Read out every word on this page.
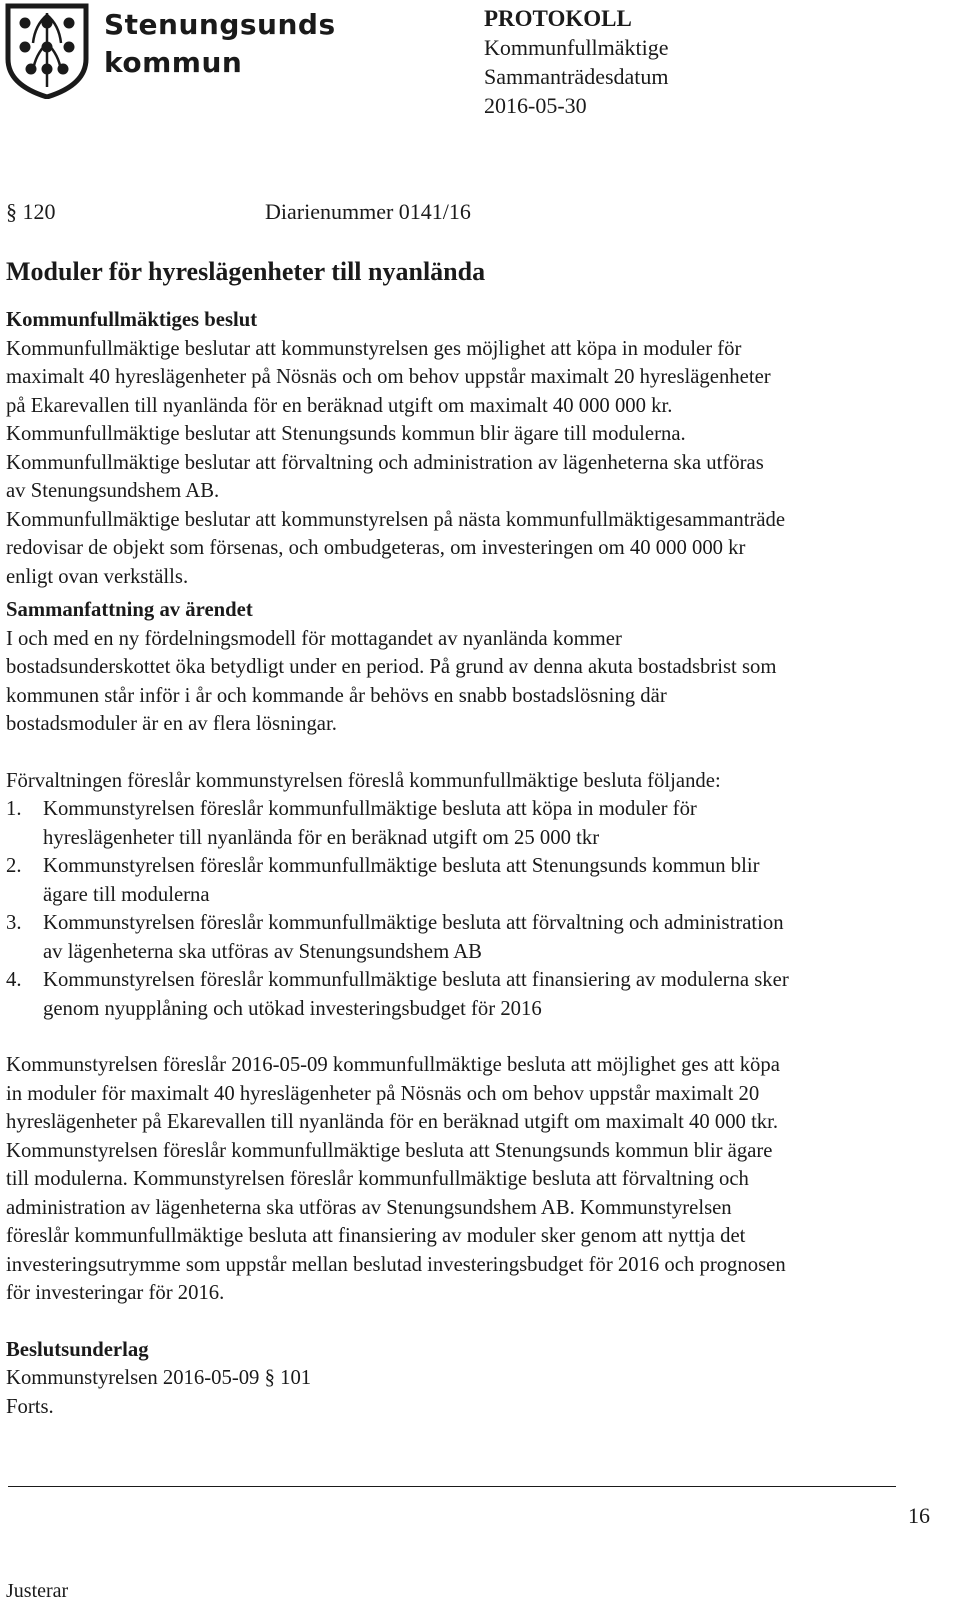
Stenungsunds
kommun
PROTOKOLL
Kommunfullmäktige
Sammanträdesdatum
2016-05-30
§ 120	Diarienummer 0141/16
Moduler för hyreslägenheter till nyanlända
Kommunfullmäktiges beslut
Kommunfullmäktige beslutar att kommunstyrelsen ges möjlighet att köpa in moduler för
maximalt 40 hyreslägenheter på Nösnäs och om behov uppstår maximalt 20 hyreslägenheter
på Ekarevallen till nyanlända för en beräknad utgift om maximalt 40 000 000 kr.
Kommunfullmäktige beslutar att Stenungsunds kommun blir ägare till modulerna.
Kommunfullmäktige beslutar att förvaltning och administration av lägenheterna ska utföras
av Stenungsundshem AB.
Kommunfullmäktige beslutar att kommunstyrelsen på nästa kommunfullmäktigesammanträde
redovisar de objekt som försenas, och ombudgeteras, om investeringen om 40 000 000 kr
enligt ovan verkställs.
Sammanfattning av ärendet
I och med en ny fördelningsmodell för mottagandet av nyanlända kommer
bostadsunderskottet öka betydligt under en period. På grund av denna akuta bostadsbrist som
kommunen står inför i år och kommande år behövs en snabb bostadslösning där
bostadsmoduler är en av flera lösningar.
Förvaltningen föreslår kommunstyrelsen föreslå kommunfullmäktige besluta följande:
1.	Kommunstyrelsen föreslår kommunfullmäktige besluta att köpa in moduler för
hyreslägenheter till nyanlända för en beräknad utgift om 25 000 tkr
2.	Kommunstyrelsen föreslår kommunfullmäktige besluta att Stenungsunds kommun blir
ägare till modulerna
3.	Kommunstyrelsen föreslår kommunfullmäktige besluta att förvaltning och administration
av lägenheterna ska utföras av Stenungsundshem AB
4.	Kommunstyrelsen föreslår kommunfullmäktige besluta att finansiering av modulerna sker
genom nyupplåning och utökad investeringsbudget för 2016
Kommunstyrelsen föreslår 2016-05-09 kommunfullmäktige besluta att möjlighet ges att köpa
in moduler för maximalt 40 hyreslägenheter på Nösnäs och om behov uppstår maximalt 20
hyreslägenheter på Ekarevallen till nyanlända för en beräknad utgift om maximalt 40 000 tkr.
Kommunstyrelsen föreslår kommunfullmäktige besluta att Stenungsunds kommun blir ägare
till modulerna. Kommunstyrelsen föreslår kommunfullmäktige besluta att förvaltning och
administration av lägenheterna ska utföras av Stenungsundshem AB. Kommunstyrelsen
föreslår kommunfullmäktige besluta att finansiering av moduler sker genom att nyttja det
investeringsutrymme som uppstår mellan beslutad investeringsbudget för 2016 och prognosen
för investeringar för 2016.
Beslutsunderlag
Kommunstyrelsen 2016-05-09 § 101
Forts.
16
Justerar
